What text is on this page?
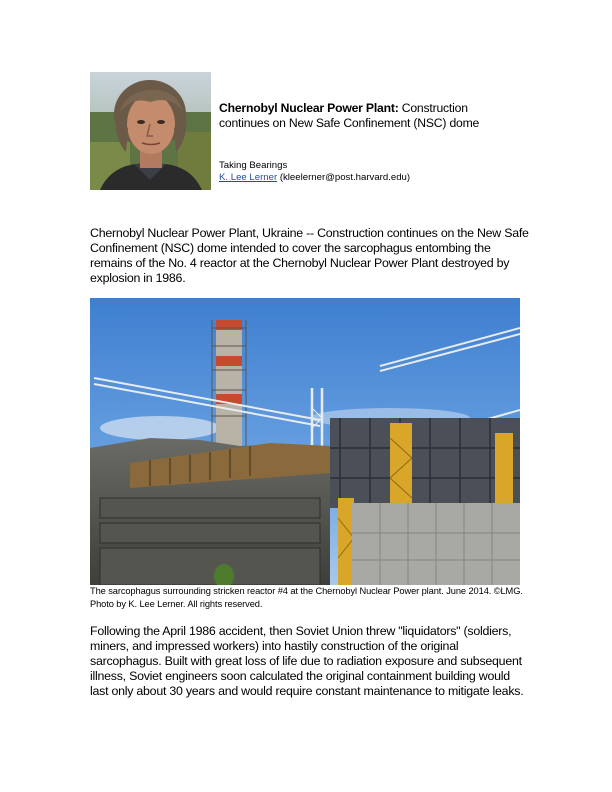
Chernobyl Nuclear Power Plant: Construction continues on New Safe Confinement (NSC) dome
Taking Bearings
K. Lee Lerner (kleelerner@post.harvard.edu)
Chernobyl Nuclear Power Plant, Ukraine -- Construction continues on the New Safe Confinement (NSC) dome intended to cover the sarcophagus entombing the remains of the No. 4 reactor at the Chernobyl Nuclear Power Plant destroyed by explosion in 1986.
The sarcophagus surrounding stricken reactor #4 at the Chernobyl Nuclear Power plant. June 2014. ©LMG. Photo by K. Lee Lerner. All rights reserved.
Following the April 1986 accident, then Soviet Union threw "liquidators" (soldiers, miners, and impressed workers) into hastily construction of the original sarcophagus. Built with great loss of life due to radiation exposure and subsequent illness, Soviet engineers soon calculated the original containment building would last only about 30 years and would require constant maintenance to mitigate leaks.
